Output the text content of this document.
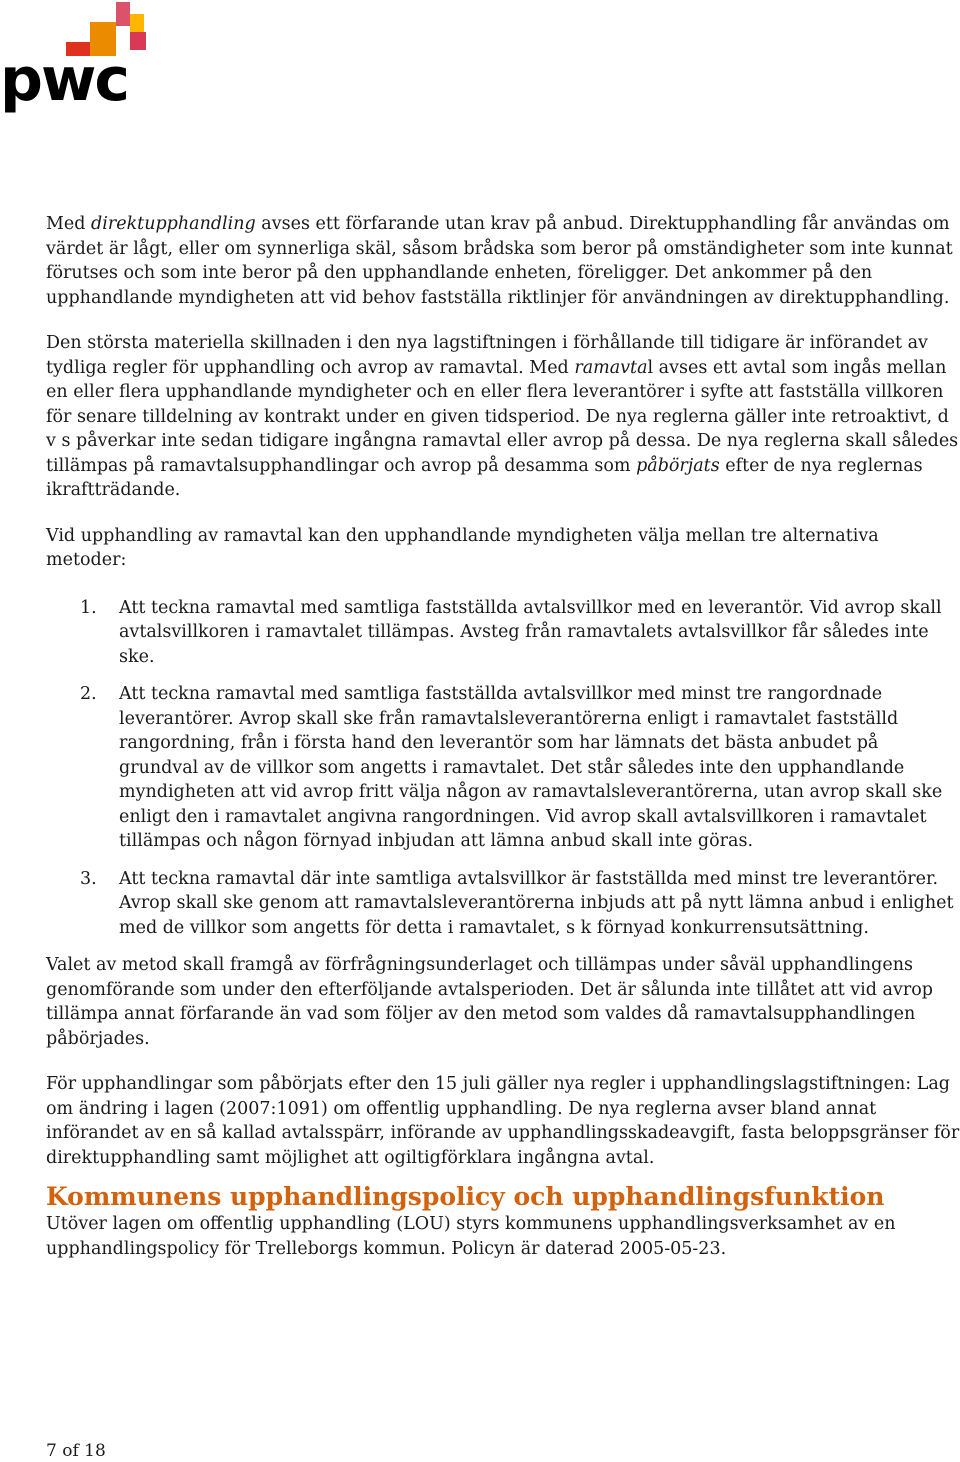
pwc

Med direktupphandling avses ett förfarande utan krav på anbud. Direktupphandling får användas om värdet är lågt, eller om synnerliga skäl, såsom brådska som beror på omständigheter som inte kunnat förutses och som inte beror på den upphandlande enheten, föreligger. Det ankommer på den upphandlande myndigheten att vid behov fastställa riktlinjer för användningen av direktupphandling.

Den största materiella skillnaden i den nya lagstiftningen i förhållande till tidigare är införandet av tydliga regler för upphandling och avrop av ramavtal. Med ramavtal avses ett avtal som ingås mellan en eller flera upphandlande myndigheter och en eller flera leverantörer i syfte att fastställa villkoren för senare tilldelning av kontrakt under en given tidsperiod. De nya reglerna gäller inte retroaktivt, d v s påverkar inte sedan tidigare ingångna ramavtal eller avrop på dessa. De nya reglerna skall således tillämpas på ramavtalsupphandlingar och avrop på desamma som påbörjats efter de nya reglernas ikraftträdande.

Vid upphandling av ramavtal kan den upphandlande myndigheten välja mellan tre alternativa metoder:

1. Att teckna ramavtal med samtliga fastställda avtalsvillkor med en leverantör. Vid avrop skall avtalsvillkoren i ramavtalet tillämpas. Avsteg från ramavtalets avtalsvillkor får således inte ske.
2. Att teckna ramavtal med samtliga fastställda avtalsvillkor med minst tre rangordnade leverantörer. Avrop skall ske från ramavtalsleverantörerna enligt i ramavtalet fastställd rangordning, från i första hand den leverantör som har lämnats det bästa anbudet på grundval av de villkor som angetts i ramavtalet. Det står således inte den upphandlande myndigheten att vid avrop fritt välja någon av ramavtalsleverantörerna, utan avrop skall ske enligt den i ramavtalet angivna rangordningen. Vid avrop skall avtalsvillkoren i ramavtalet tillämpas och någon förnyad inbjudan att lämna anbud skall inte göras.
3. Att teckna ramavtal där inte samtliga avtalsvillkor är fastställda med minst tre leverantörer. Avrop skall ske genom att ramavtalsleverantörerna inbjuds att på nytt lämna anbud i enlighet med de villkor som angetts för detta i ramavtalet, s k förnyad konkurrensutsättning.

Valet av metod skall framgå av förfrågningsunderlaget och tillämpas under såväl upphandlingens genomförande som under den efterföljande avtalsperioden. Det är sålunda inte tillåtet att vid avrop tillämpa annat förfarande än vad som följer av den metod som valdes då ramavtalsupphandlingen påbörjades.

För upphandlingar som påbörjats efter den 15 juli gäller nya regler i upphandlingslagstiftningen: Lag om ändring i lagen (2007:1091) om offentlig upphandling. De nya reglerna avser bland annat införandet av en så kallad avtalsspärr, införande av upphandlingsskadeavgift, fasta beloppsgränser för direktupphandling samt möjlighet att ogiltigförklara ingångna avtal.

Kommunens upphandlingspolicy och upphandlingsfunktion

Utöver lagen om offentlig upphandling (LOU) styrs kommunens upphandlingsverksamhet av en upphandlingspolicy för Trelleborgs kommun. Policyn är daterad 2005-05-23.

7 of 18
